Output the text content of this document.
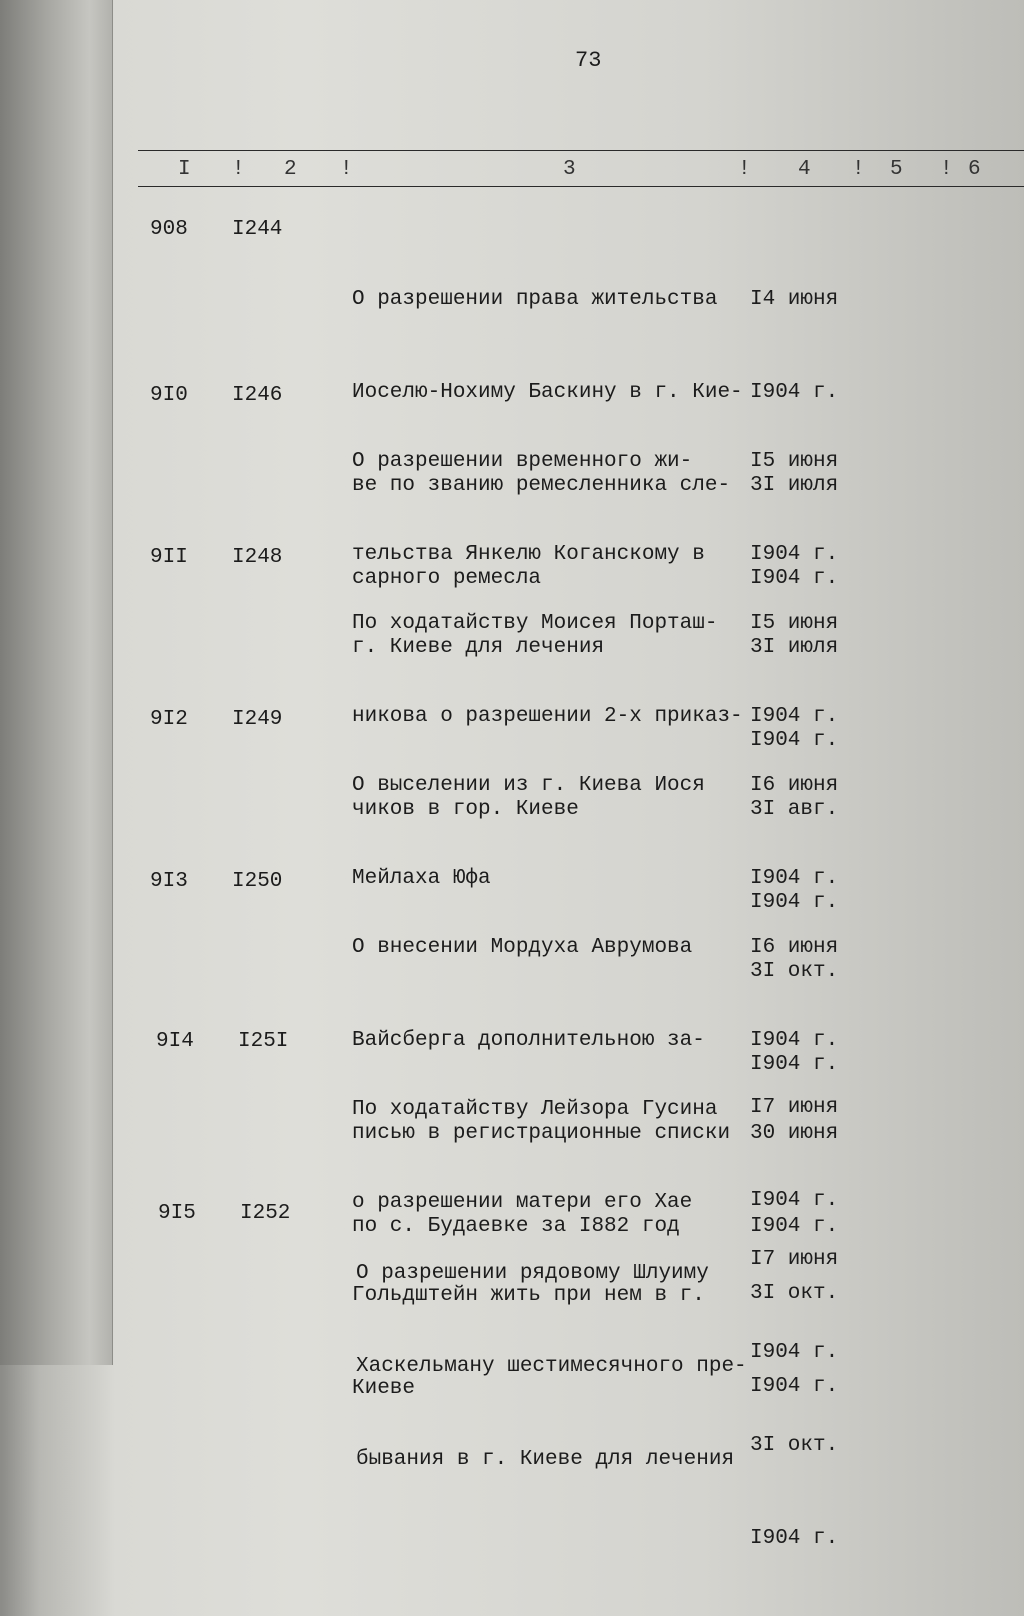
73
I ! 2 !	3	! 4 ! 5 ! 6
908 I244

О разрешении права жительства

Иоселю-Нохиму Баскину в г. Кие-

ве по званию ремесленника сле-

сарного ремесла

I4 июня

I904 г.

3I июля

I904 г.

9I0 I246

О разрешении временного жи-

тельства Янкелю Коганскому в

г. Киеве для лечения

I5 июня

I904 г.

3I июля

I904 г.

9II I248

По ходатайству Моисея Порташ-

никова о разрешении 2-х приказ-

чиков в гор. Киеве

I5 июня

I904 г.

3I авг.

I904 г.

9I2 I249

О выселении из г. Киева Иося

Мейлаха Юфа

I6 июня

I904 г.

3I окт.

I904 г.

9I3 I250

О внесении Мордуха Аврумова

Вайсберга дополнительною за-

писью в регистрационные списки

по с. Будаевке за I882 год

I6 июня

I904 г.

30 июня

I904 г.

9I4 I25I

По ходатайству Лейзора Гусина

о разрешении матери его Хае

Гольдштейн жить при нем в г.

Киеве

I7 июня

I904 г.

3I окт.

I904 г.

9I5 I252

О разрешении рядовому Шлуиму

Хаскельману шестимесячного пре-

бывания в г. Киеве для лечения

I7 июня

I904 г.

3I окт.

I904 г.
